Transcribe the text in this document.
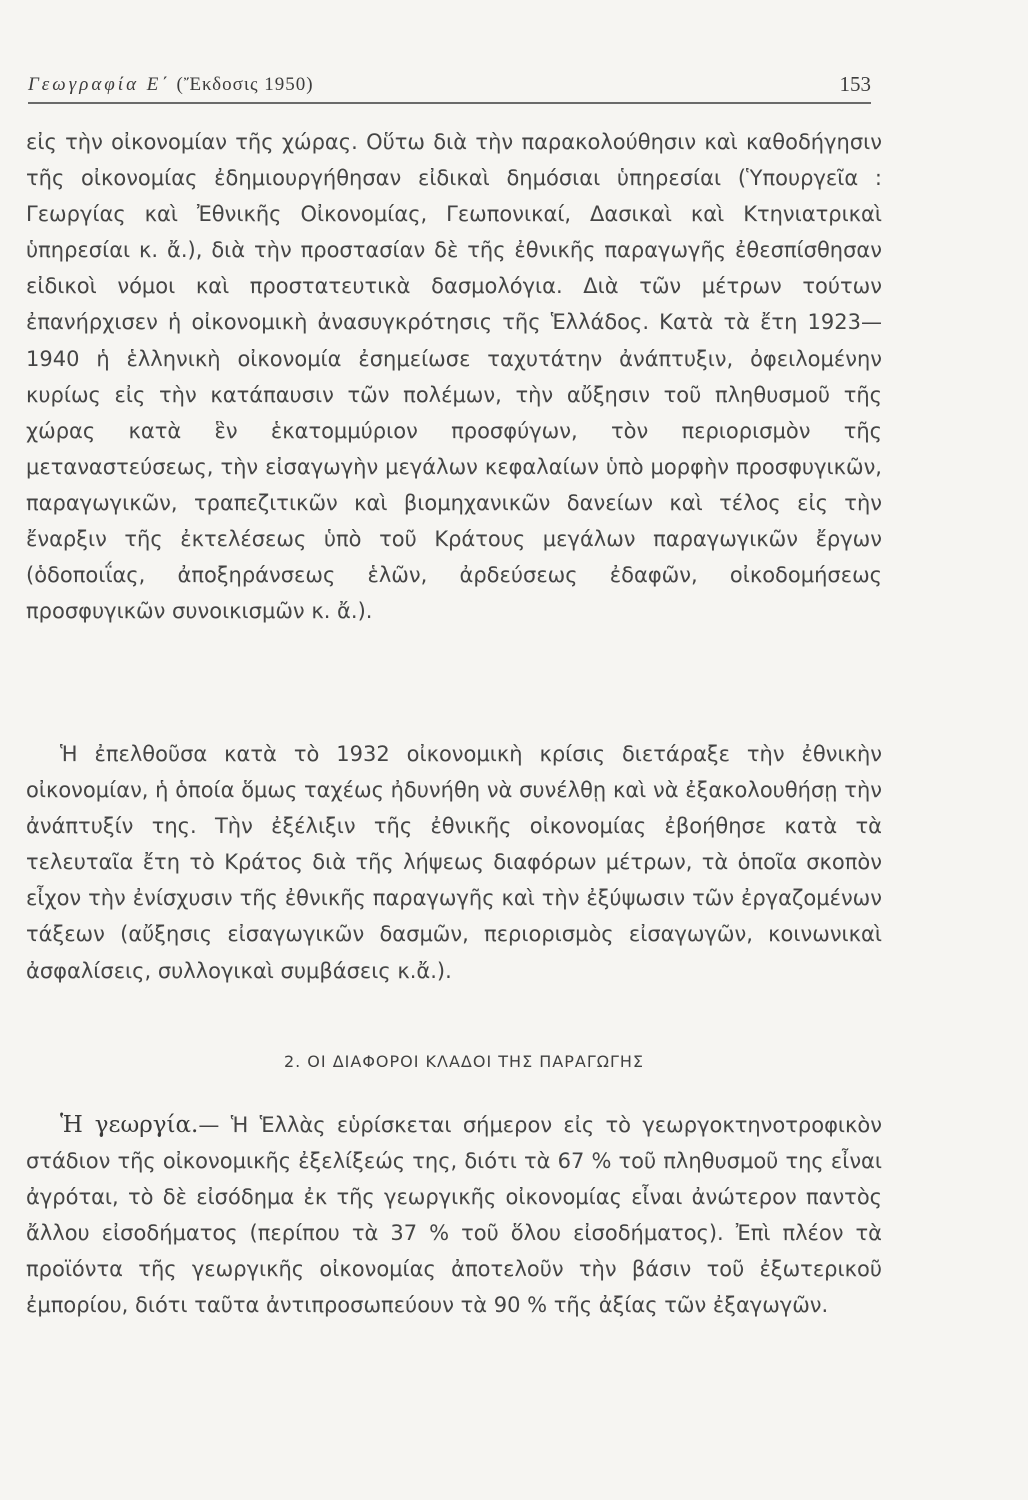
Γεωγραφία Ε΄ (Ἔκδοσις 1950)	153

εἰς τὴν οἰκονομίαν τῆς χώρας. Οὕτω διὰ τὴν παρακολούθησιν καὶ καθοδήγησιν τῆς οἰκονομίας ἐδημιουργήθησαν εἰδικαὶ δημόσιαι ὑπηρεσίαι (Ὑπουργεῖα : Γεωργίας καὶ Ἐθνικῆς Οἰκονομίας, Γεωπονικαί, Δασικαὶ καὶ Κτηνιατρικαὶ ὑπηρεσίαι κ. ἄ.), διὰ τὴν προστασίαν δὲ τῆς ἐθνικῆς παραγωγῆς ἐθεσπίσθησαν εἰδικοὶ νόμοι καὶ προστατευτικὰ δασμολόγια. Διὰ τῶν μέτρων τούτων ἐπανήρχισεν ἡ οἰκονομικὴ ἀνασυγκρότησις τῆς Ἑλλάδος. Κατὰ τὰ ἔτη 1923—1940 ἡ ἑλληνικὴ οἰκονομία ἐσημείωσε ταχυτάτην ἀνάπτυξιν, ὀφειλομένην κυρίως εἰς τὴν κατάπαυσιν τῶν πολέμων, τὴν αὔξησιν τοῦ πληθυσμοῦ τῆς χώρας κατὰ ἓν ἑκατομμύριον προσφύγων, τὸν περιορισμὸν τῆς μεταναστεύσεως, τὴν εἰσαγωγὴν μεγάλων κεφαλαίων ὑπὸ μορφὴν προσφυγικῶν, παραγωγικῶν, τραπεζιτικῶν καὶ βιομηχανικῶν δανείων καὶ τέλος εἰς τὴν ἔναρξιν τῆς ἐκτελέσεως ὑπὸ τοῦ Κράτους μεγάλων παραγωγικῶν ἔργων (ὁδοποιΐας, ἀποξηράνσεως ἑλῶν, ἀρδεύσεως ἐδαφῶν, οἰκοδομήσεως προσφυγικῶν συνοικισμῶν κ. ἄ.).

Ἡ ἐπελθοῦσα κατὰ τὸ 1932 οἰκονομικὴ κρίσις διετάραξε τὴν ἐθνικὴν οἰκονομίαν, ἡ ὁποία ὅμως ταχέως ἠδυνήθη νὰ συνέλθῃ καὶ νὰ ἐξακολουθήσῃ τὴν ἀνάπτυξίν της. Τὴν ἐξέλιξιν τῆς ἐθνικῆς οἰκονομίας ἐβοήθησε κατὰ τὰ τελευταῖα ἔτη τὸ Κράτος διὰ τῆς λήψεως διαφόρων μέτρων, τὰ ὁποῖα σκοπὸν εἶχον τὴν ἐνίσχυσιν τῆς ἐθνικῆς παραγωγῆς καὶ τὴν ἐξύψωσιν τῶν ἐργαζομένων τάξεων (αὔξησις εἰσαγωγικῶν δασμῶν, περιορισμὸς εἰσαγωγῶν, κοινωνικαὶ ἀσφαλίσεις, συλλογικαὶ συμβάσεις κ.ἄ.).

2. ΟΙ ΔΙΑΦΟΡΟΙ ΚΛΑΔΟΙ ΤΗΣ ΠΑΡΑΓΩΓΗΣ

Ἡ γεωργία.— Ἡ Ἑλλὰς εὑρίσκεται σήμερον εἰς τὸ γεωργοκτηνοτροφικὸν στάδιον τῆς οἰκονομικῆς ἐξελίξεώς της, διότι τὰ 67 % τοῦ πληθυσμοῦ της εἶναι ἀγρόται, τὸ δὲ εἰσόδημα ἐκ τῆς γεωργικῆς οἰκονομίας εἶναι ἀνώτερον παντὸς ἄλλου εἰσοδήματος (περίπου τὰ 37 % τοῦ ὅλου εἰσοδήματος). Ἐπὶ πλέον τὰ προϊόντα τῆς γεωργικῆς οἰκονομίας ἀποτελοῦν τὴν βάσιν τοῦ ἐξωτερικοῦ ἐμπορίου, διότι ταῦτα ἀντιπροσωπεύουν τὰ 90 % τῆς ἀξίας τῶν ἐξαγωγῶν.
